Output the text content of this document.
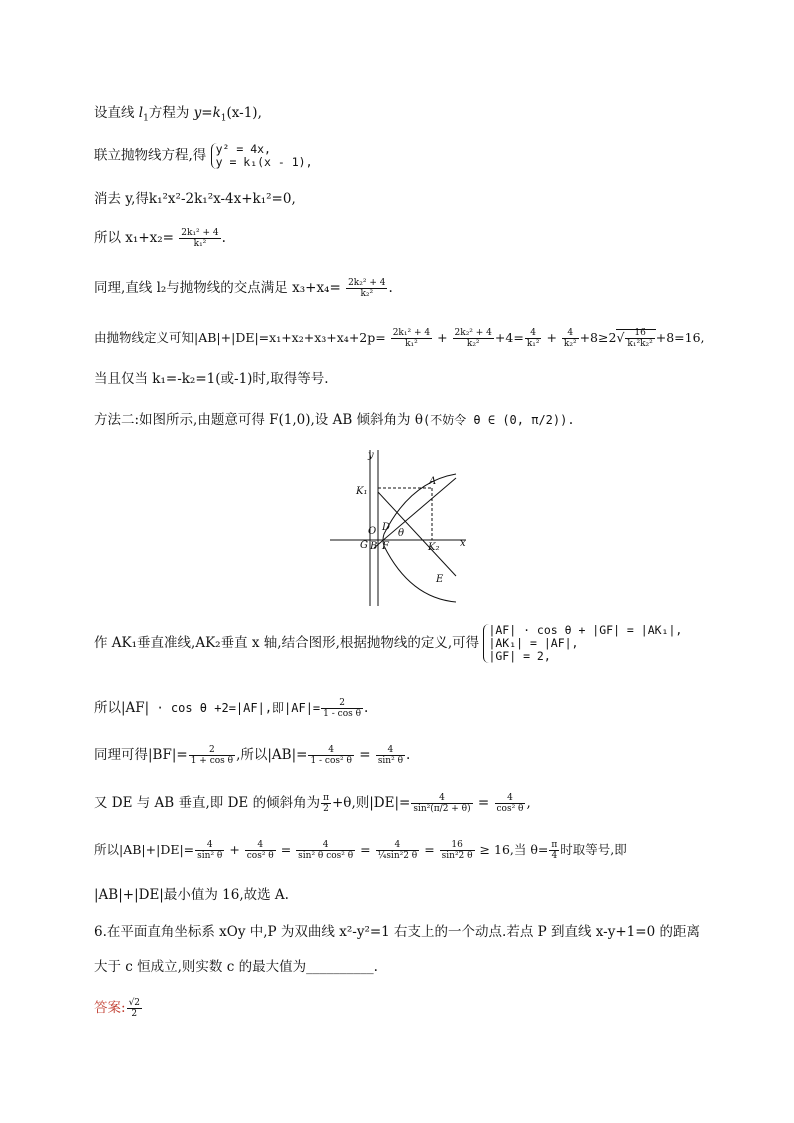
设直线 $l_1$方程为 $y=k_1(x-1)$,
联立抛物线方程,得 y² = 4x,
y = k₁(x - 1),
消去 y,得k₁²x²-2k₁²x-4x+k₁²=0,
所以 $x_1+x_2= \frac{\text{2k₁² + 4}}{\text{k₁²}}$ .
同理,直线 l₂与抛物线的交点满足 $x_3+x_4= \frac{\text{2k₂² + 4}}{\text{k₂²}}$ .
由抛物线定义可知$|AB|+|DE|=x_1+x_2+x_3+x_4+2p= \frac{\text{2k₁² + 4}}{\text{k₁²}} + \frac{\text{2k₂² + 4}}{\text{k₂²}} +4= \frac{4}{\text{k₁²}} + \frac{4}{\text{k₂²}} +8\ge 2√ \frac{16}{\text{k₁²k₂²}} +8=16$,
当且仅当 k₁=-k₂=1(或-1)时,取得等号.
方法二:如图所示,由题意可得 F(1,0),设 AB 倾斜角为 θ(不妨令 θ ∈ (0, π/2)).
y
x
A
K₁
O D
θ
G B F	K₂
E
作 AK₁垂直准线,AK₂垂直 x 轴,结合图形,根据抛物线的定义,可得
|AF| · cos θ + |GF| = |AK₁|,
|AK₁| = |AF|,
|GF| = 2,
所以|AF| · cos θ +2=|AF|,即$|AF|= \frac{2}{\text{1 - cos θ}}$ .
同理可得$|BF|= \frac{2}{\text{1 + cos θ}}$ ,所以$|AB|= \frac{4}{\text{1 - cos² θ}} = \frac{4}{\text{sin² θ}}$ .
又 DE 与 AB 垂直,即 DE 的倾斜角为 $\frac{\pi}{2} +\theta$,则$|DE|= \frac{4}{\text{sin²(π/2 + θ)}} = \frac{4}{\text{cos² θ}}$ ,
所以$|AB|+|DE|= \frac{4}{\text{sin² θ}} + \frac{4}{\text{cos² θ}} = \frac{4}{\text{sin² θ cos² θ}} = \frac{4}{\text{¼sin²2 θ}} = \frac{16}{\text{sin²2 θ}} \ge 16$,当 $\theta= \frac{\pi}{4}$ 时取等号,即
|AB|+|DE|最小值为 16,故选 A.
6.在平面直角坐标系 xOy 中,P 为双曲线 x²-y²=1 右支上的一个动点.若点 P 到直线 x-y+1=0 的距离
大于 c 恒成立,则实数 c 的最大值为__________.
答案: $\frac{√2}{2}$
